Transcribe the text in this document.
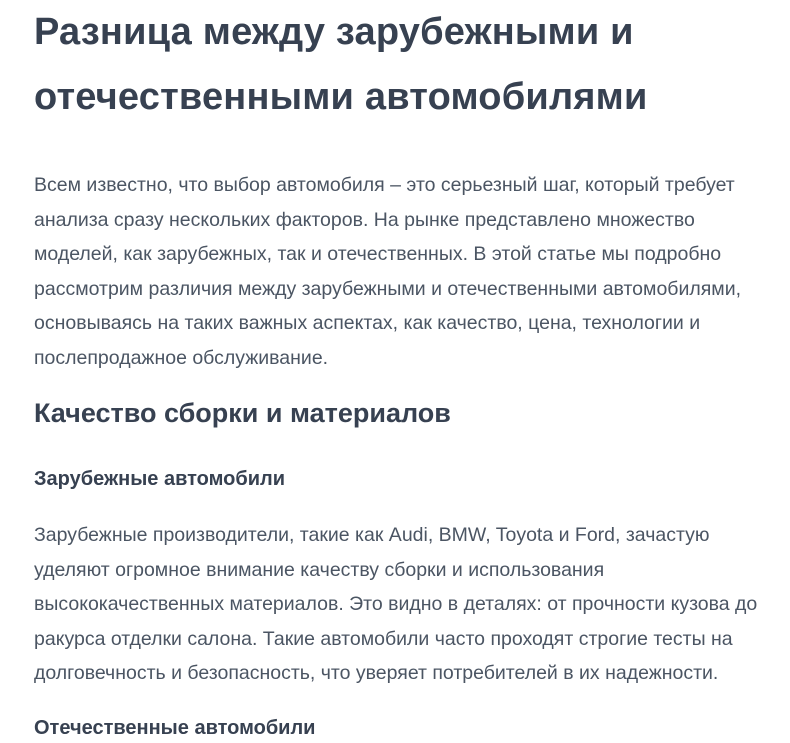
Разница между зарубежными и отечественными автомобилями

Всем известно, что выбор автомобиля – это серьезный шаг, который требует анализа сразу нескольких факторов. На рынке представлено множество моделей, как зарубежных, так и отечественных. В этой статье мы подробно рассмотрим различия между зарубежными и отечественными автомобилями, основываясь на таких важных аспектах, как качество, цена, технологии и послепродажное обслуживание.

Качество сборки и материалов
Зарубежные автомобили

Зарубежные производители, такие как Audi, BMW, Toyota и Ford, зачастую уделяют огромное внимание качеству сборки и использования высококачественных материалов. Это видно в деталях: от прочности кузова до ракурса отделки салона. Такие автомобили часто проходят строгие тесты на долговечность и безопасность, что уверяет потребителей в их надежности.

Отечественные автомобили
